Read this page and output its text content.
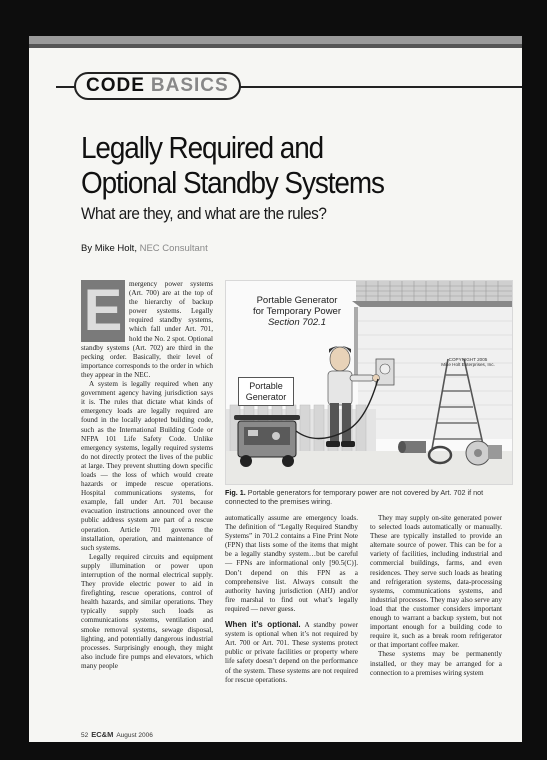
CODE BASICS
Legally Required and
Optional Standby Systems
What are they, and what are the rules?
By Mike Holt, NEC Consultant
E mergency power systems (Art. 700) are at the top of the hierarchy of backup power systems. Legally required standby systems, which fall under Art. 701, hold the No. 2 spot. Optional standby systems (Art. 702) are third in the pecking order. Basically, their level of importance corresponds to the order in which they appear in the NEC.

A system is legally required when any government agency having jurisdiction says it is. The rules that dictate what kinds of emergency loads are legally required are found in the locally adopted building code, such as the International Building Code or NFPA 101 Life Safety Code. Unlike emergency systems, legally required systems do not directly protect the lives of the public at large. They prevent shutting down specific loads — the loss of which would create hazards or impede rescue operations. Hospital communications systems, for example, fall under Art. 701 because evacuation instructions announced over the public address system are part of a rescue operation. Article 701 governs the installation, operation, and maintenance of such systems.

Legally required circuits and equipment supply illumination or power upon interruption of the normal electrical supply. They provide electric power to aid in firefighting, rescue operations, control of health hazards, and similar operations. They typically supply such loads as communications systems, ventilation and smoke removal systems, sewage disposal, lighting, and potentially dangerous industrial processes. Surprisingly enough, they might also include fire pumps and elevators, which many people

Portable Generator
for Temporary Power
Section 702.1
Portable
Generator
COPYRIGHT 2005
Mike Holt Enterprises, Inc.
Fig. 1. Portable generators for temporary power are not covered by Art. 702 if not connected to the premises wiring.

automatically assume are emergency loads. The definition of “Legally Required Standby Systems” in 701.2 contains a Fine Print Note (FPN) that lists some of the items that might be a legally standby system…but be careful — FPNs are informational only [90.5(C)]. Don’t depend on this FPN as a comprehensive list. Always consult the authority having jurisdiction (AHJ) and/or fire marshal to find out what’s legally required — never guess.

When it’s optional. A standby power system is optional when it’s not required by Art. 700 or Art. 701. These systems protect public or private facilities or property where life safety doesn’t depend on the performance of the system. These systems are not required for rescue operations.

They may supply on-site generated power to selected loads automatically or manually. These are typically installed to provide an alternate source of power. This can be for a variety of facilities, including industrial and commercial buildings, farms, and even residences. They serve such loads as heating and refrigeration systems, data-processing systems, communications systems, and industrial processes. They may also serve any load that the customer considers important enough to warrant a backup system, but not important enough for a building code to require it, such as a break room refrigerator or that important coffee maker.

These systems may be permanently installed, or they may be arranged for a connection to a premises wiring system

52 EC&M August 2006
